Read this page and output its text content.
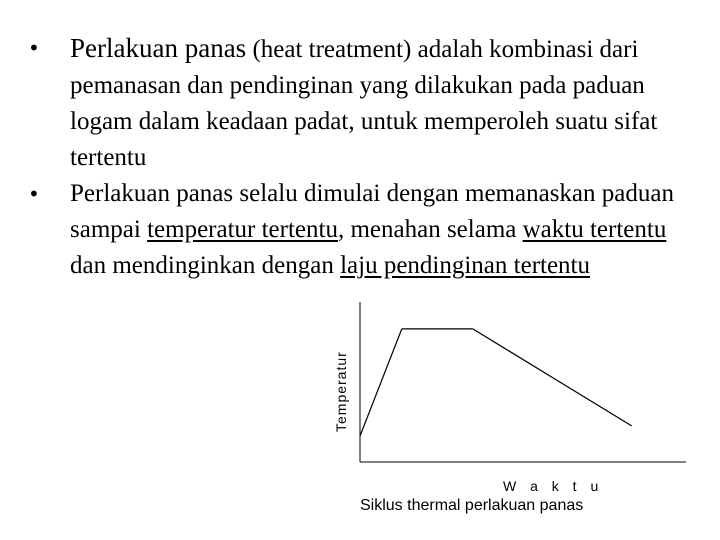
• Perlakuan panas (heat treatment) adalah kombinasi dari pemanasan dan pendinginan yang dilakukan pada paduan logam dalam keadaan padat, untuk memperoleh suatu sifat tertentu
• Perlakuan panas selalu dimulai dengan memanaskan paduan sampai temperatur tertentu, menahan selama waktu tertentu dan mendinginkan dengan laju pendinginan tertentu
Temperatur
W a k t u
Siklus thermal perlakuan panas
